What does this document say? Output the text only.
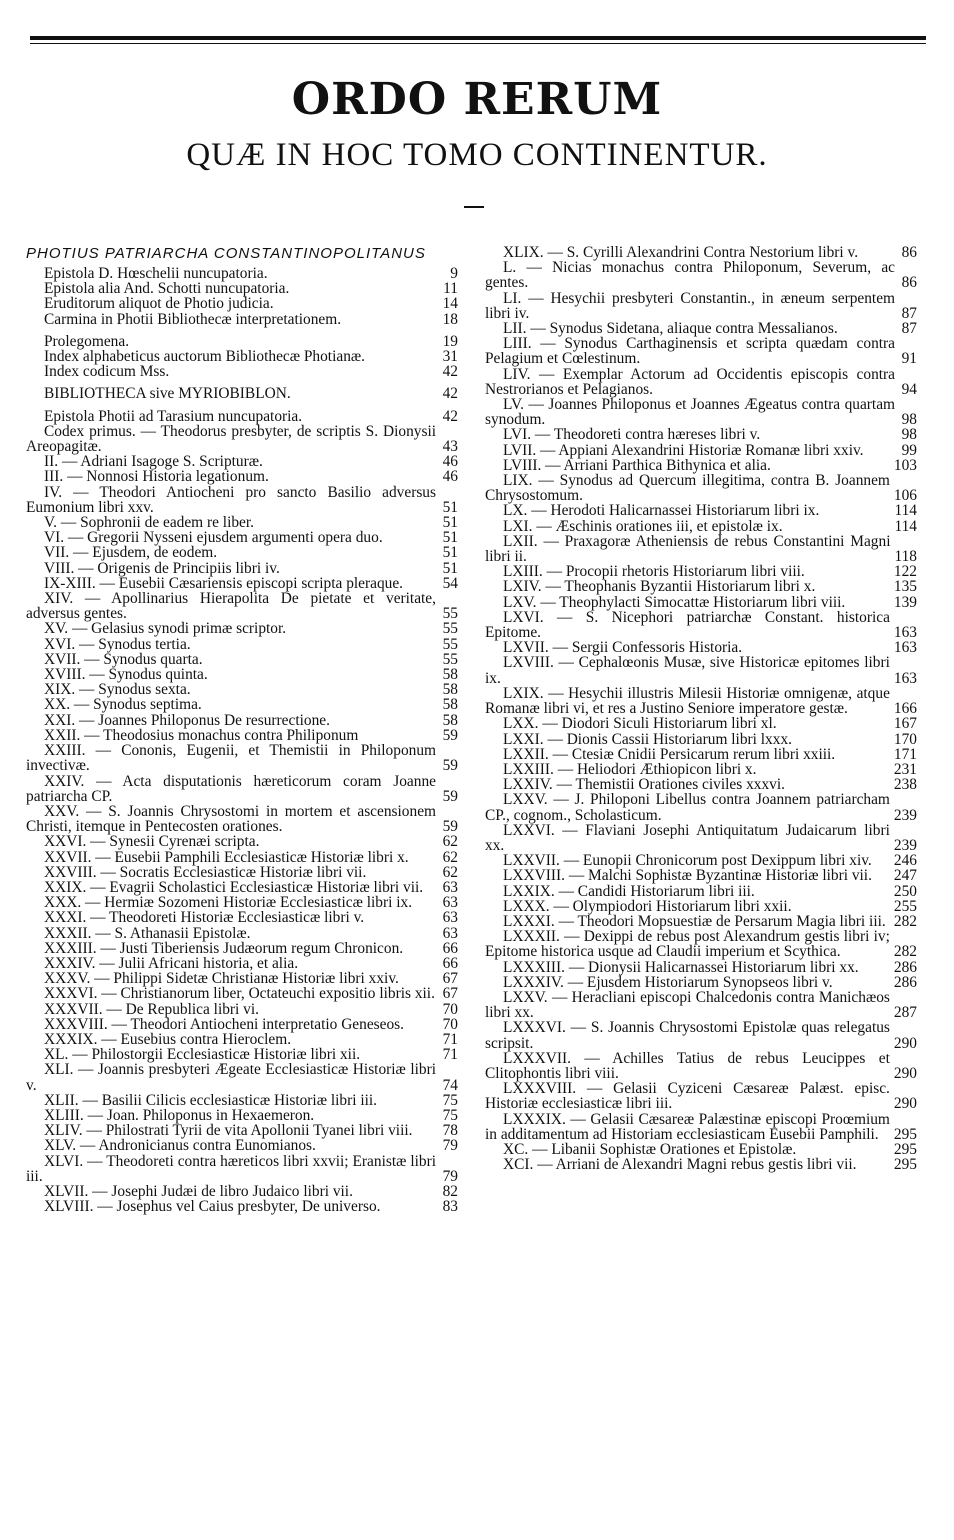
ORDO RERUM
QUÆ IN HOC TOMO CONTINENTUR.
PHOTIUS PATRIARCHA CONSTANTINOPOLITANUS
Epistola D. Hœschelii nuncupatoria.	9
Epistola alia And. Schotti nuncupatoria.	11
Eruditorum aliquot de Photio judicia.	14
Carmina in Photii Bibliothecæ interpretationem.	18
Prolegomena.	19
Index alphabeticus auctorum Bibliothecæ Photianæ.	31
Index codicum Mss.	42
BIBLIOTHECA sive MYRIOBIBLON.	42
Epistola Photii ad Tarasium nuncupatoria.	42
Codex primus. — Theodorus presbyter, de scriptis S. Dionysii Areopagitæ.	43
II. — Adriani Isagoge S. Scripturæ.	46
III. — Nonnosi Historia legationum.	46
IV. — Theodori Antiocheni pro sancto Basilio adversus Eumonium libri xxv.	51
V. — Sophronii de eadem re liber.	51
VI. — Gregorii Nysseni ejusdem argumenti opera duo.	51
VII. — Ejusdem, de eodem.	51
VIII. — Origenis de Principiis libri iv.	51
IX-XIII. — Eusebii Cæsariensis episcopi scripta pleraque.	54
XIV. — Apollinarius Hierapolita De pietate et veritate, adversus gentes.	55
XV. — Gelasius synodi primæ scriptor.	55
XVI. — Synodus tertia.	55
XVII. — Synodus quarta.	55
XVIII. — Synodus quinta.	58
XIX. — Synodus sexta.	58
XX. — Synodus septima.	58
XXI. — Joannes Philoponus De resurrectione.	58
XXII. — Theodosius monachus contra Philiponum	59
XXIII. — Cononis, Eugenii, et Themistii in Philoponum invectivæ.	59
XXIV. — Acta disputationis hæreticorum coram Joanne patriarcha CP.	59
XXV. — S. Joannis Chrysostomi in mortem et ascensionem Christi, itemque in Pentecosten orationes.	59
XXVI. — Synesii Cyrenæi scripta.	62
XXVII. — Eusebii Pamphili Ecclesiasticæ Historiæ libri x.	62
XXVIII. — Socratis Ecclesiasticæ Historiæ libri vii.	62
XXIX. — Evagrii Scholastici Ecclesiasticæ Historiæ libri vii.	63
XXX. — Hermiæ Sozomeni Historiæ Ecclesiasticæ libri ix.	63
XXXI. — Theodoreti Historiæ Ecclesiasticæ libri v.	63
XXXII. — S. Athanasii Epistolæ.	63
XXXIII. — Justi Tiberiensis Judæorum regum Chronicon.	66
XXXIV. — Julii Africani historia, et alia.	66
XXXV. — Philippi Sidetæ Christianæ Historiæ libri xxiv.	67
XXXVI. — Christianorum liber, Octateuchi expositio libris xii. 67
XXXVII. — De Republica libri vi.	70
XXXVIII. — Theodori Antiocheni interpretatio Geneseos.	70
XXXIX. — Eusebius contra Hieroclem.	71
XL. — Philostorgii Ecclesiasticæ Historiæ libri xii.	71
XLI. — Joannis presbyteri Ægeate Ecclesiasticæ Historiæ libri v.	74
XLII. — Basilii Cilicis ecclesiasticæ Historiæ libri iii.	75
XLIII. — Joan. Philoponus in Hexaemeron.	75
XLIV. — Philostrati Tyrii de vita Apollonii Tyanei libri viii.	78
XLV. — Andronicianus contra Eunomianos.	79
XLVI. — Theodoreti contra hæreticos libri xxvii; Eranistæ libri iii.	79
XLVII. — Josephi Judæi de libro Judaico libri vii.	82
XLVIII. — Josephus vel Caius presbyter, De universo.	83
XLIX. — S. Cyrilli Alexandrini Contra Nestorium libri v.	86
L. — Nicias monachus contra Philoponum, Severum, ac gentes.	86
LI. — Hesychii presbyteri Constantin., in æneum serpentem libri iv.	87
LII. — Synodus Sidetana, aliaque contra Messalianos.	87
LIII. — Synodus Carthaginensis et scripta quædam contra Pelagium et Cœlestinum.	91
LIV. — Exemplar Actorum ad Occidentis episcopis contra Nestrorianos et Pelagianos.	94
LV. — Joannes Philoponus et Joannes Ægeatus contra quartam synodum.	98
LVI. — Theodoreti contra hæreses libri v.	98
LVII. — Appiani Alexandrini Historiæ Romanæ libri xxiv.	99
LVIII. — Arriani Parthica Bithynica et alia.	103
LIX. — Synodus ad Quercum illegitima, contra B. Joannem Chrysostomum.	106
LX. — Herodoti Halicarnassei Historiarum libri ix.	114
LXI. — Æschinis orationes iii, et epistolæ ix.	114
LXII. — Praxagoræ Atheniensis de rebus Constantini Magni libri ii.	118
LXIII. — Procopii rhetoris Historiarum libri viii.	122
LXIV. — Theophanis Byzantii Historiarum libri x.	135
LXV. — Theophylacti Simocattæ Historiarum libri viii.	139
LXVI. — S. Nicephori patriarchæ Constant. historica Epitome.	163
LXVII. — Sergii Confessoris Historia.	163
LXVIII. — Cephalœonis Musæ, sive Historicæ epitomes libri ix.	163
LXIX. — Hesychii illustris Milesii Historiæ omnigenæ, atque Romanæ libri vi, et res a Justino Seniore imperatore gestæ.	166
LXX. — Diodori Siculi Historiarum libri xl.	167
LXXI. — Dionis Cassii Historiarum libri lxxx.	170
LXXII. — Ctesiæ Cnidii Persicarum rerum libri xxiii.	171
LXXIII. — Heliodori Æthiopicon libri x.	231
LXXIV. — Themistii Orationes civiles xxxvi.	238
LXXV. — J. Philoponi Libellus contra Joannem patriarcham CP., cognom., Scholasticum.	239
LXXVI. — Flaviani Josephi Antiquitatum Judaicarum libri xx.	239
LXXVII. — Eunopii Chronicorum post Dexippum libri xiv.	246
LXXVIII. — Malchi Sophistæ Byzantinæ Historiæ libri vii.	247
LXXIX. — Candidi Historiarum libri iii.	250
LXXX. — Olympiodori Historiarum libri xxii.	255
LXXXI. — Theodori Mopsuestiæ de Persarum Magia libri iii. 282
LXXXII. — Dexippi de rebus post Alexandrum gestis libri iv; Epitome historica usque ad Claudii imperium et Scythica.	282
LXXXIII. — Dionysii Halicarnassei Historiarum libri xx.	286
LXXXIV. — Ejusdem Historiarum Synopseos libri v.	286
LXXV. — Heracliani episcopi Chalcedonis contra Manichæos libri xx.	287
LXXXVI. — S. Joannis Chrysostomi Epistolæ quas relegatus scripsit.	290
LXXXVII. — Achilles Tatius de rebus Leucippes et Clitophontis libri viii.	290
LXXXVIII. — Gelasii Cyziceni Cæsareæ Palæst. episc. Historiæ ecclesiasticæ libri iii.	290
LXXXIX. — Gelasii Cæsareæ Palæstinæ episcopi Proœmium in additamentum ad Historiam ecclesiasticam Eusebii Pamphili. 295
XC. — Libanii Sophistæ Orationes et Epistolæ.	295
XCI. — Arriani de Alexandri Magni rebus gestis libri vii.	295
